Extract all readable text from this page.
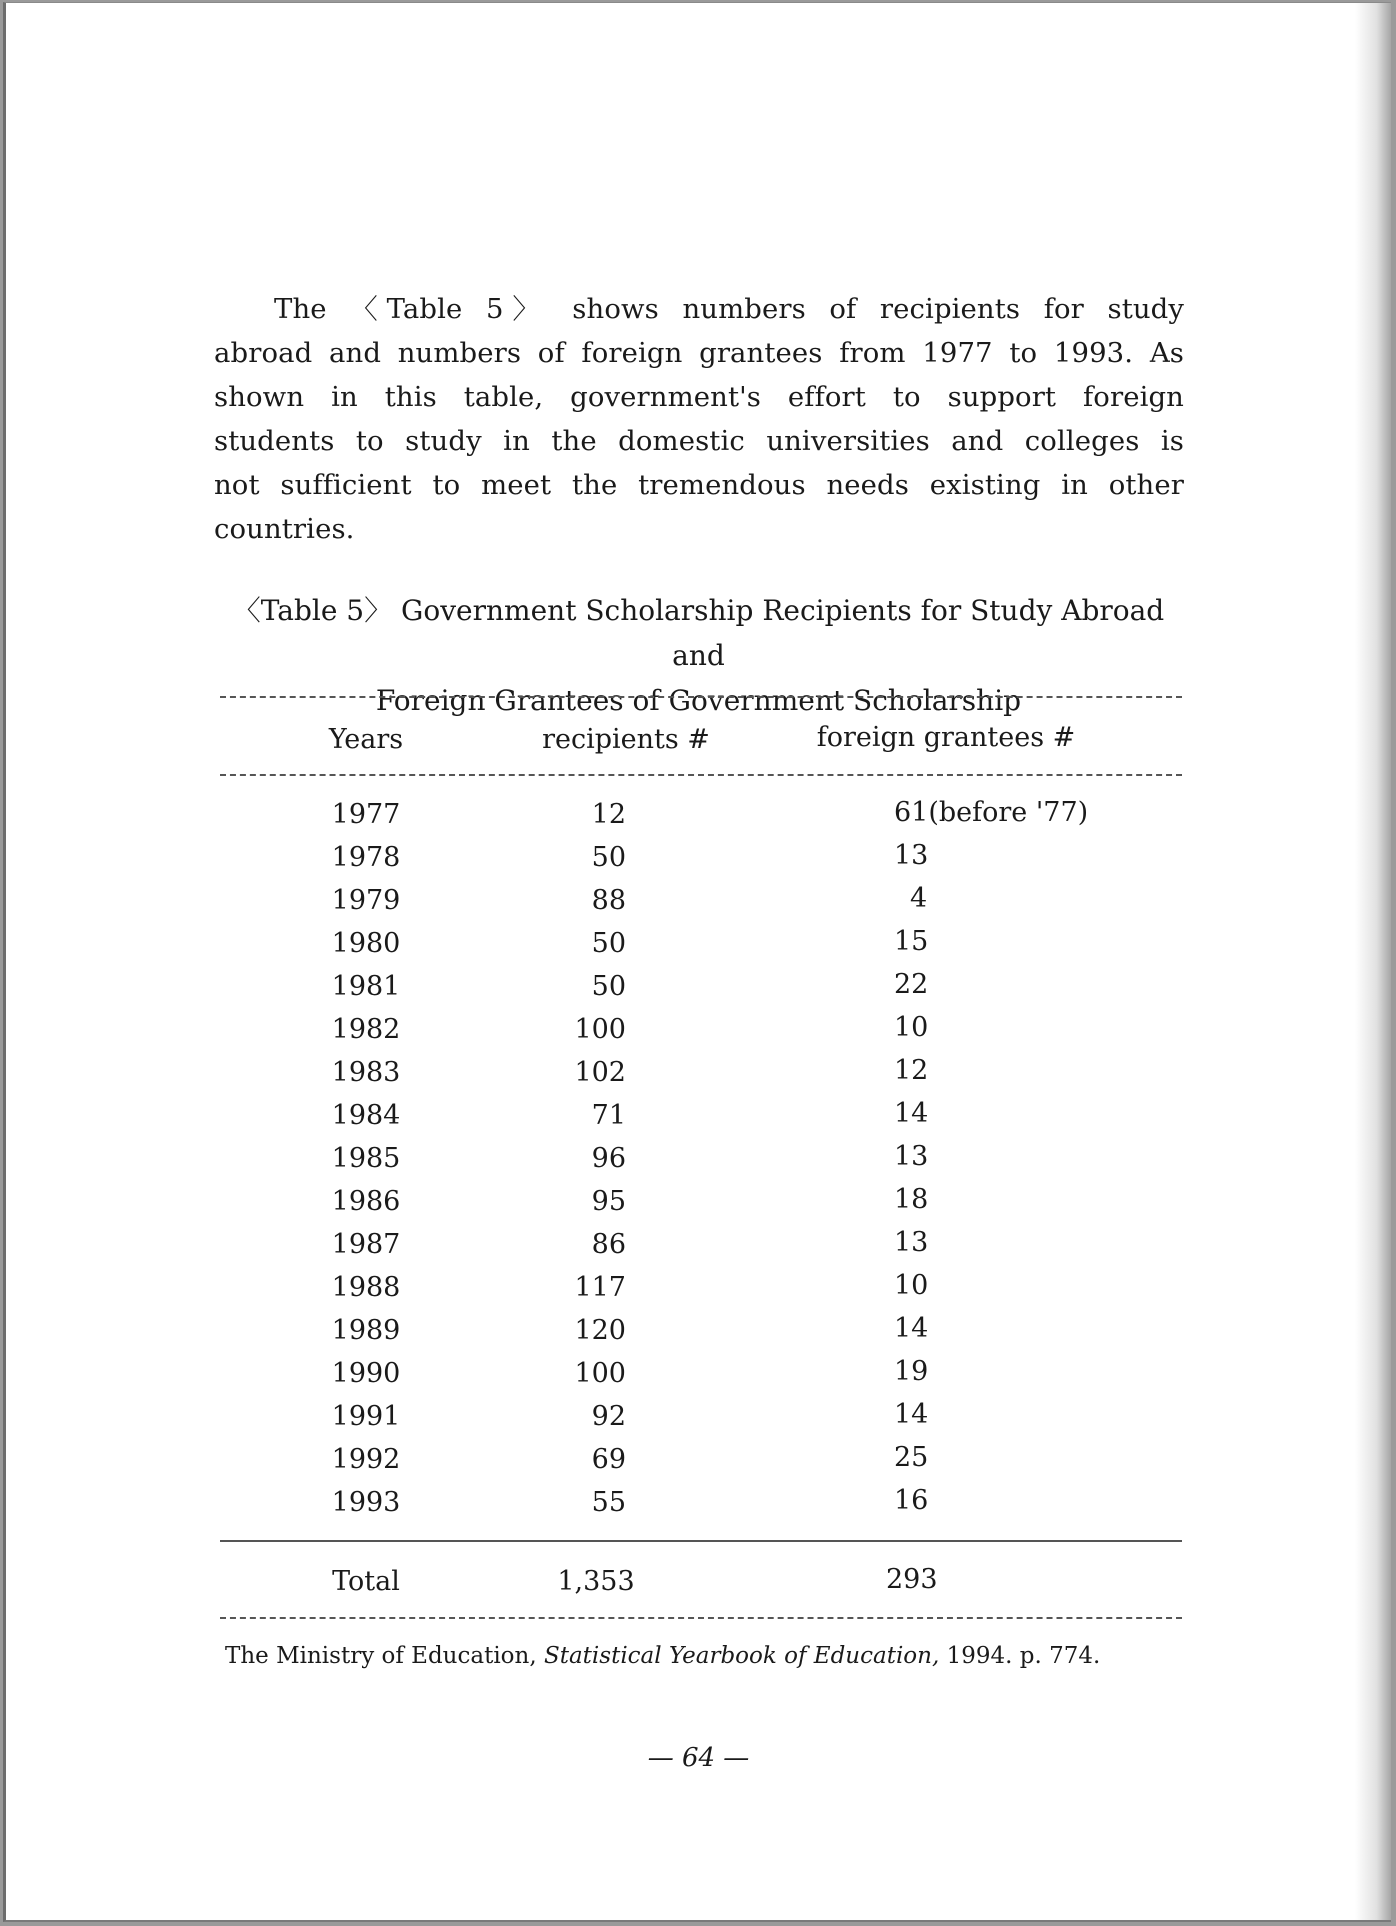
The 〈Table 5〉 shows numbers of recipients for study abroad and numbers of foreign grantees from 1977 to 1993. As shown in this table, government's effort to support foreign students to study in the domestic universities and colleges is not sufficient to meet the tremendous needs existing in other countries.

〈Table 5〉 Government Scholarship Recipients for Study Abroad and
Foreign Grantees of Government Scholarship
Years	recipients #	foreign grantees #
1977	12	61(before '77)
1978	50	13
1979	88	4
1980	50	15
1981	50	22
1982	100	10
1983	102	12
1984	71	14
1985	96	13
1986	95	18
1987	86	13
1988	117	10
1989	120	14
1990	100	19
1991	92	14
1992	69	25
1993	55	16
Total	1,353	293

The Ministry of Education, Statistical Yearbook of Education, 1994. p. 774.

— 64 —
